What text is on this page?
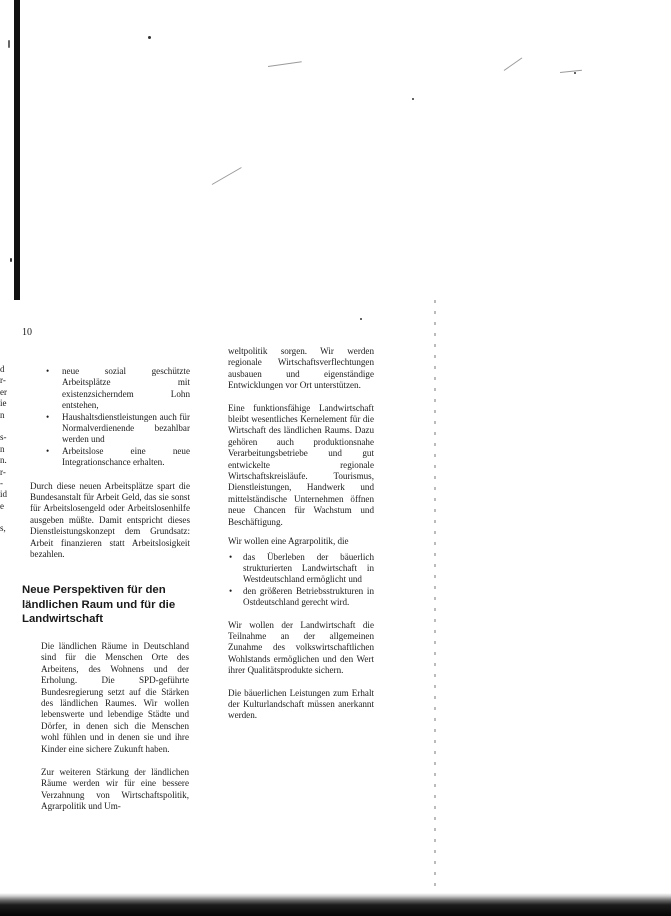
10
d
r-
er
ie
n
s-
n
n.
r-
-
id
e
s,
• neue sozial geschützte Arbeitsplätze mit existenzsicherndem Lohn entstehen,
• Haushaltsdienstleistungen auch für Normalverdienende bezahlbar werden und
• Arbeitslose eine neue Integrationschance erhalten.

Durch diese neuen Arbeitsplätze spart die Bundesanstalt für Arbeit Geld, das sie sonst für Arbeitslosengeld oder Arbeitslosenhilfe ausgeben müßte. Damit entspricht dieses Dienstleistungskonzept dem Grundsatz: Arbeit finanzieren statt Arbeitslosigkeit bezahlen.

Neue Perspektiven für den ländlichen Raum und für die Landwirtschaft

Die ländlichen Räume in Deutschland sind für die Menschen Orte des Arbeitens, des Wohnens und der Erholung. Die SPD-geführte Bundesregierung setzt auf die Stärken des ländlichen Raumes. Wir wollen lebenswerte und lebendige Städte und Dörfer, in denen sich die Menschen wohl fühlen und in denen sie und ihre Kinder eine sichere Zukunft haben.

Zur weiteren Stärkung der ländlichen Räume werden wir für eine bessere Verzahnung von Wirtschaftspolitik, Agrarpolitik und Um-

weltpolitik sorgen. Wir werden regionale Wirtschaftsverflechtungen ausbauen und eigenständige Entwicklungen vor Ort unterstützen.

Eine funktionsfähige Landwirtschaft bleibt wesentliches Kernelement für die Wirtschaft des ländlichen Raums. Dazu gehören auch produktionsnahe Verarbeitungsbetriebe und gut entwickelte regionale Wirtschaftskreisläufe. Tourismus, Dienstleistungen, Handwerk und mittelständische Unternehmen öffnen neue Chancen für Wachstum und Beschäftigung.

Wir wollen eine Agrarpolitik, die

• das Überleben der bäuerlich strukturierten Landwirtschaft in Westdeutschland ermöglicht und
• den größeren Betriebsstrukturen in Ostdeutschland gerecht wird.

Wir wollen der Landwirtschaft die Teilnahme an der allgemeinen Zunahme des volkswirtschaftlichen Wohlstands ermöglichen und den Wert ihrer Qualitätsprodukte sichern.

Die bäuerlichen Leistungen zum Erhalt der Kulturlandschaft müssen anerkannt werden.
